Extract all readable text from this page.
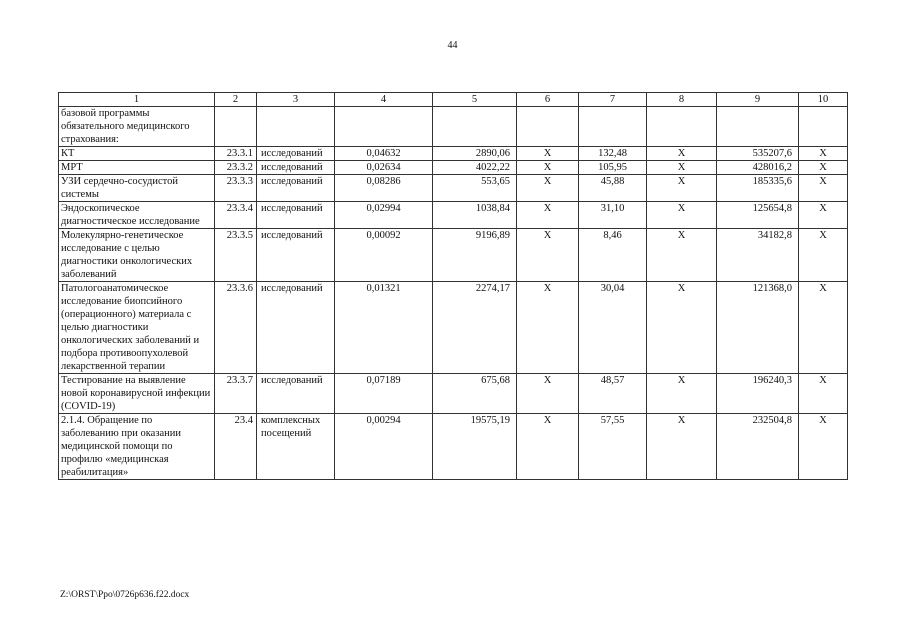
44
1	2	3	4	5	6	7	8	9	10
базовой программы обязательного медицинского страхования:									
КТ	23.3.1	исследований	0,04632	2890,06	Х	132,48	Х	535207,6	Х
МРТ	23.3.2	исследований	0,02634	4022,22	Х	105,95	Х	428016,2	Х
УЗИ сердечно-сосудистой системы	23.3.3	исследований	0,08286	553,65	Х	45,88	Х	185335,6	Х
Эндоскопическое диагностическое исследование	23.3.4	исследований	0,02994	1038,84	Х	31,10	Х	125654,8	Х
Молекулярно-генетическое исследование с целью диагностики онкологических заболеваний	23.3.5	исследований	0,00092	9196,89	Х	8,46	Х	34182,8	Х
Патологоанатомическое исследование биопсийного (операционного) материала с целью диагностики онкологических заболеваний и подбора противоопухолевой лекарственной терапии	23.3.6	исследований	0,01321	2274,17	Х	30,04	Х	121368,0	Х
Тестирование на выявление новой коронавирусной инфекции (COVID-19)	23.3.7	исследований	0,07189	675,68	Х	48,57	Х	196240,3	Х
2.1.4. Обращение по заболеванию при оказании медицинской помощи по профилю «медицинская реабилитация»	23.4	комплексных посещений	0,00294	19575,19	Х	57,55	Х	232504,8	Х
Z:\ORST\Ppo\0726p636.f22.docx
